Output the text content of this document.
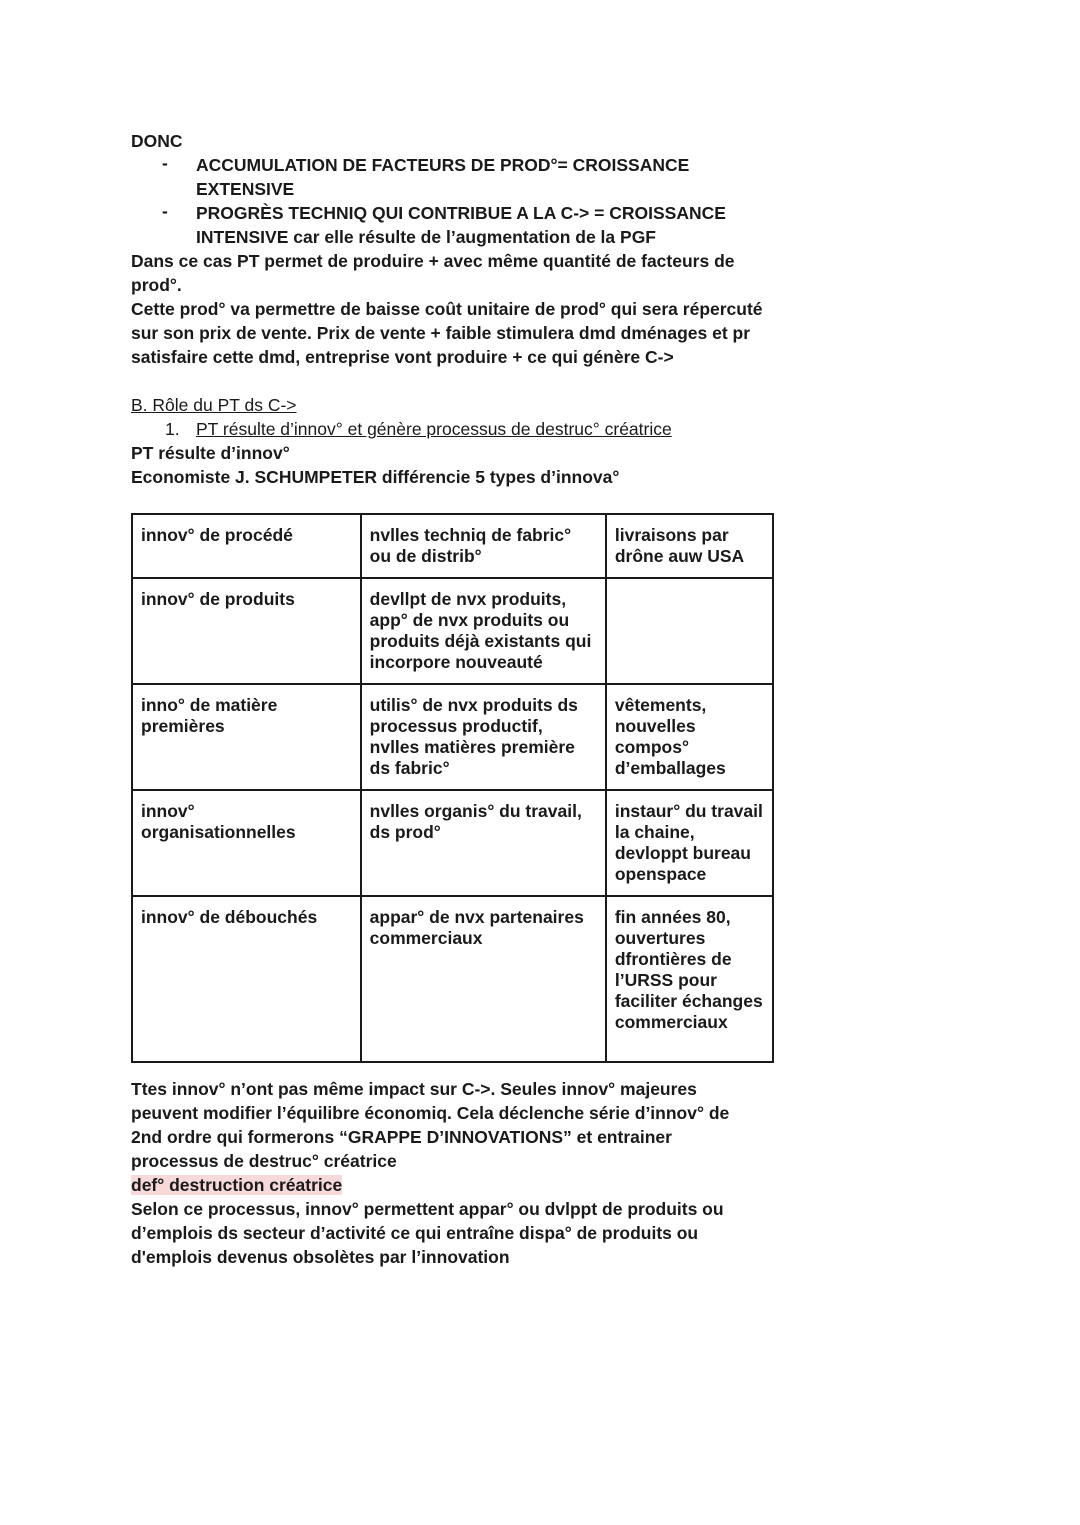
DONC
- ACCUMULATION DE FACTEURS DE PROD°= CROISSANCE
EXTENSIVE
- PROGRÈS TECHNIQ QUI CONTRIBUE A LA C-> = CROISSANCE
INTENSIVE car elle résulte de l’augmentation de la PGF
Dans ce cas PT permet de produire + avec même quantité de facteurs de
prod°.
Cette prod° va permettre de baisse coût unitaire de prod° qui sera répercuté
sur son prix de vente. Prix de vente + faible stimulera dmd dménages et pr
satisfaire cette dmd, entreprise vont produire + ce qui génère C->
B. Rôle du PT ds C->
1. PT résulte d’innov° et génère processus de destruc° créatrice
PT résulte d’innov°
Economiste J. SCHUMPETER différencie 5 types d’innova°
innov° de procédé	nvlles techniq de fabric° ou de distrib°	livraisons par drône auw USA
innov° de produits	devllpt de nvx produits, app° de nvx produits ou produits déjà existants qui incorpore nouveauté	
inno° de matière premières	utilis° de nvx produits ds processus productif, nvlles matières première ds fabric°	vêtements, nouvelles compos° d’emballages
innov° organisationnelles	nvlles organis° du travail, ds prod°	instaur° du travail la chaine, devloppt bureau openspace
innov° de débouchés	appar° de nvx partenaires commerciaux	fin années 80, ouvertures dfrontières de l’URSS pour faciliter échanges commerciaux
Ttes innov° n’ont pas même impact sur C->. Seules innov° majeures
peuvent modifier l’équilibre économiq. Cela déclenche série d’innov° de
2nd ordre qui formerons “GRAPPE D’INNOVATIONS” et entrainer
processus de destruc° créatrice
def° destruction créatrice
Selon ce processus, innov° permettent appar° ou dvlppt de produits ou
d’emplois ds secteur d’activité ce qui entraîne dispa° de produits ou
d'emplois devenus obsolètes par l’innovation
